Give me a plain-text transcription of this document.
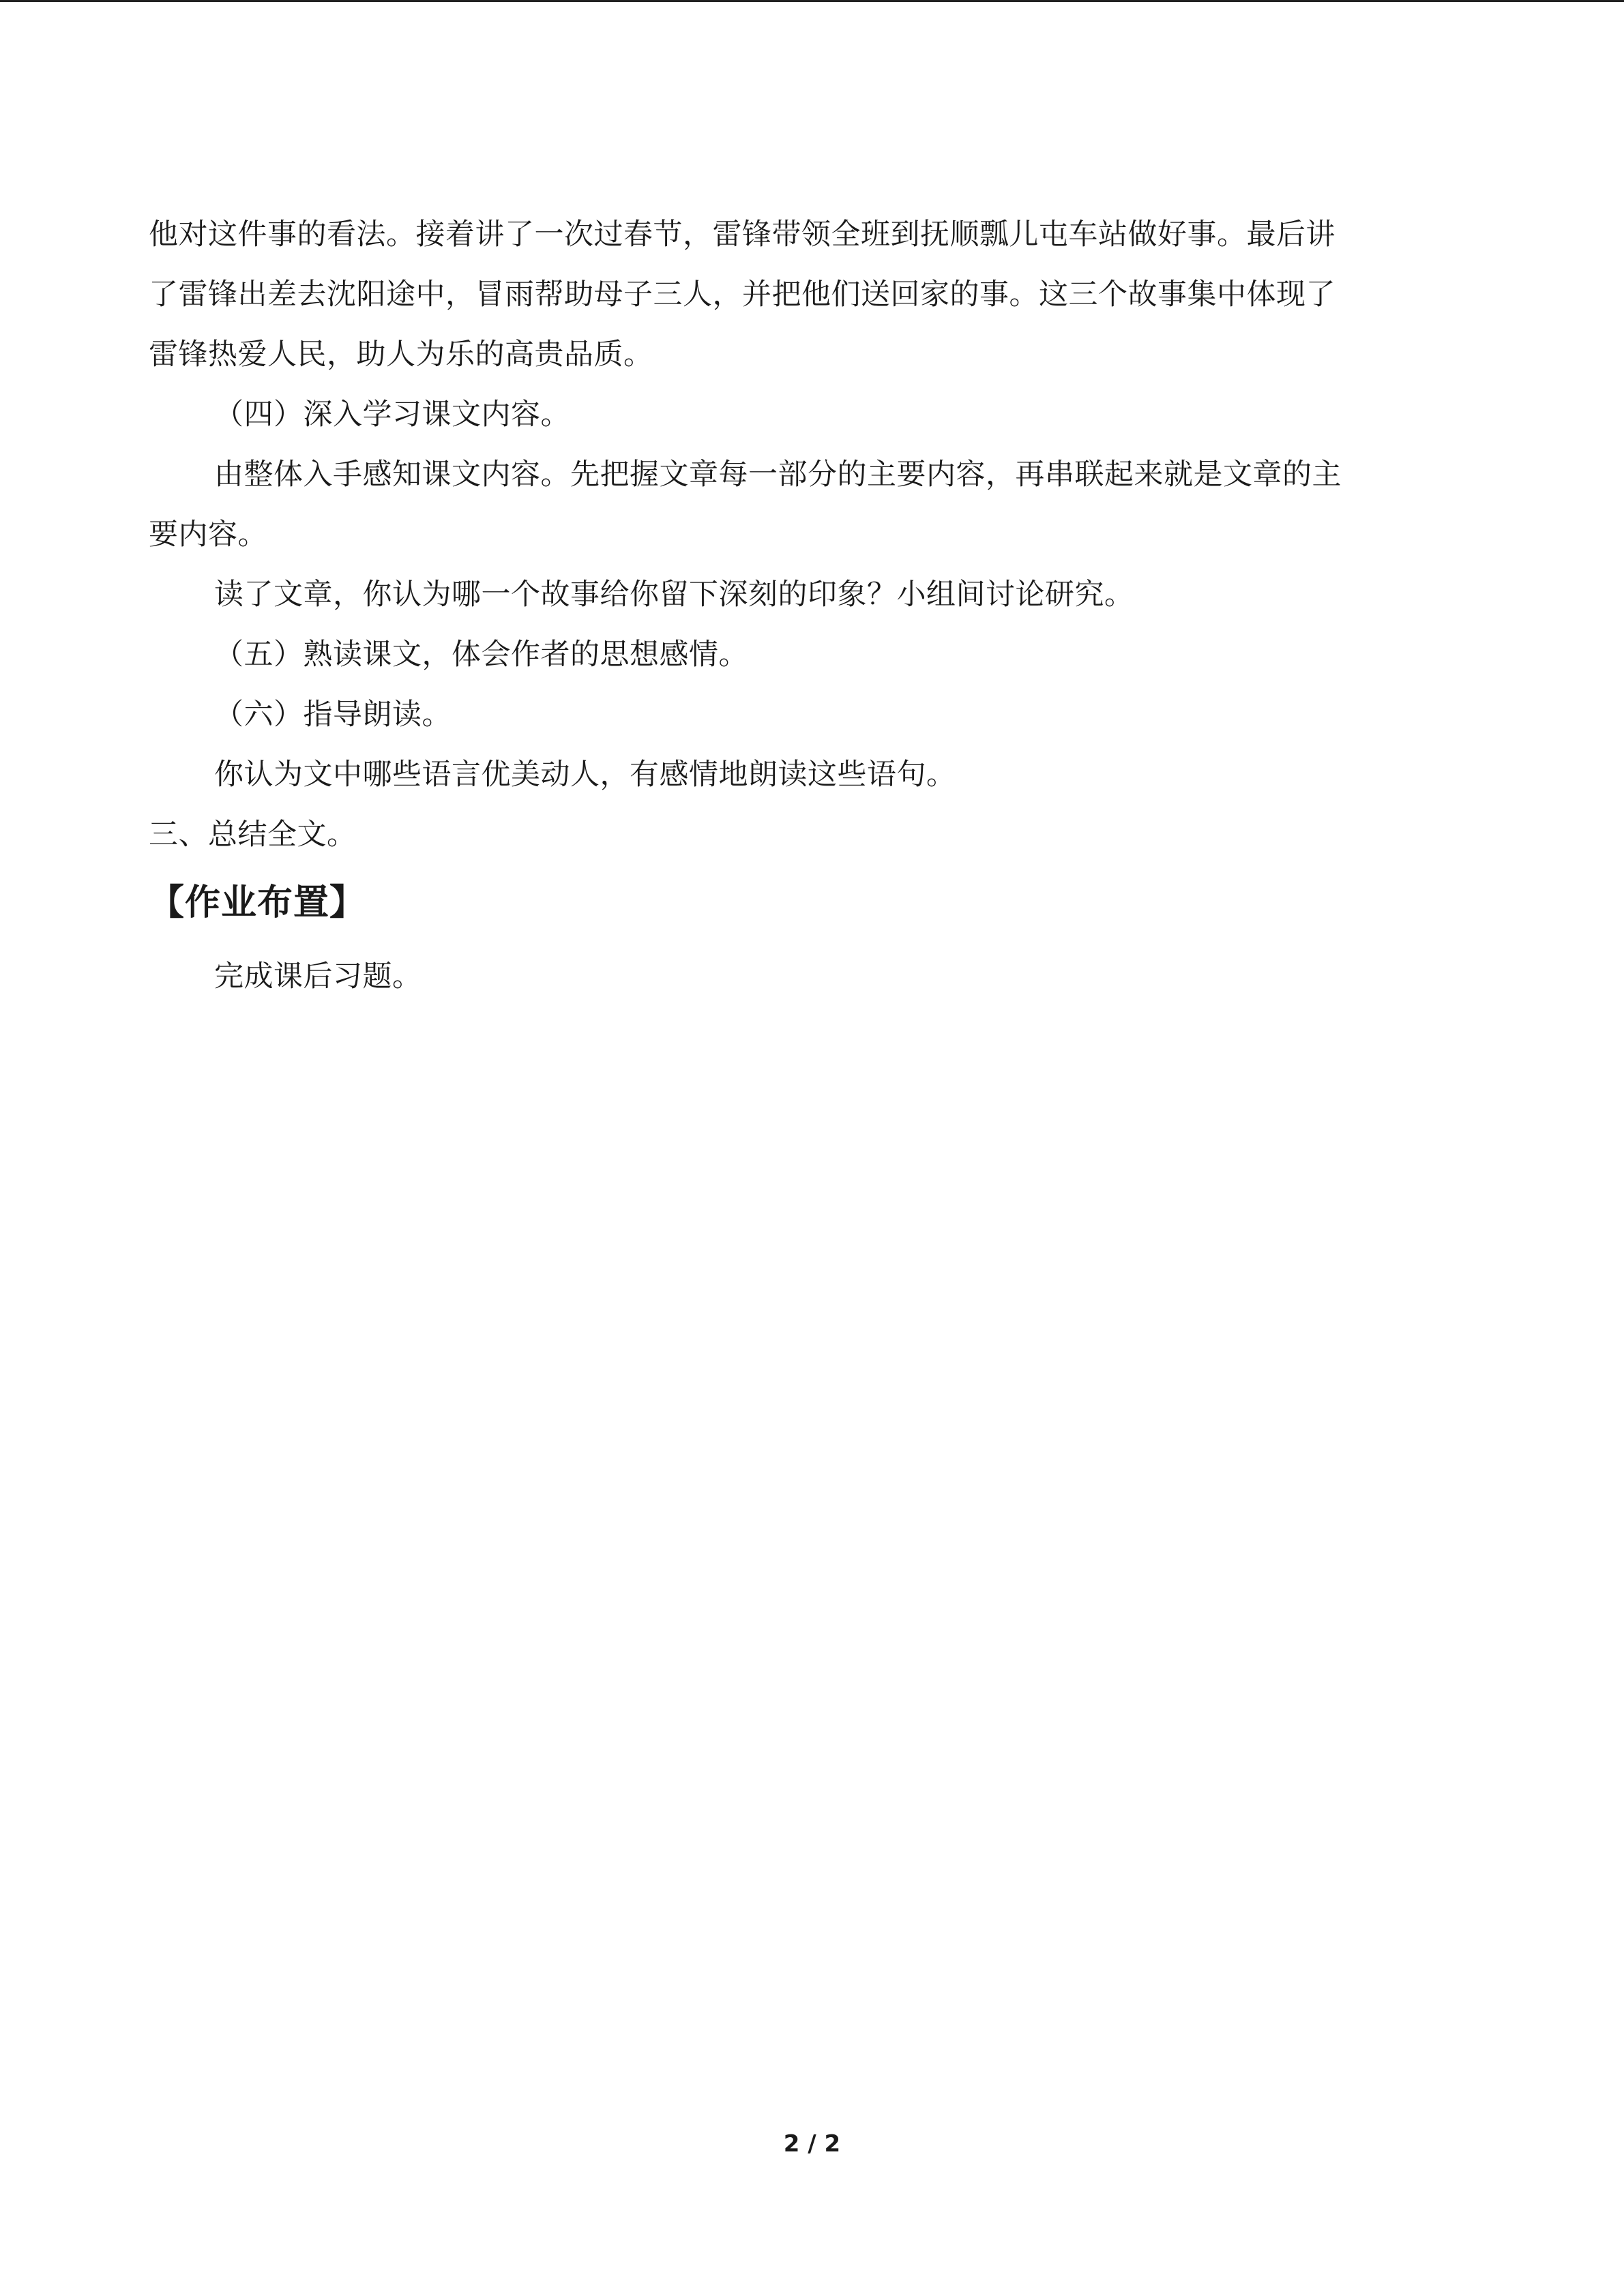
他对这件事的看法。接着讲了一次过春节，雷锋带领全班到抚顺瓢儿屯车站做好事。最后讲

了雷锋出差去沈阳途中，冒雨帮助母子三人，并把他们送回家的事。这三个故事集中体现了

雷锋热爱人民，助人为乐的高贵品质。

（四）深入学习课文内容。

由整体入手感知课文内容。先把握文章每一部分的主要内容，再串联起来就是文章的主

要内容。

读了文章，你认为哪一个故事给你留下深刻的印象？小组间讨论研究。

（五）熟读课文，体会作者的思想感情。

（六）指导朗读。

你认为文中哪些语言优美动人，有感情地朗读这些语句。

三、总结全文。

【作业布置】

完成课后习题。

2 / 2
